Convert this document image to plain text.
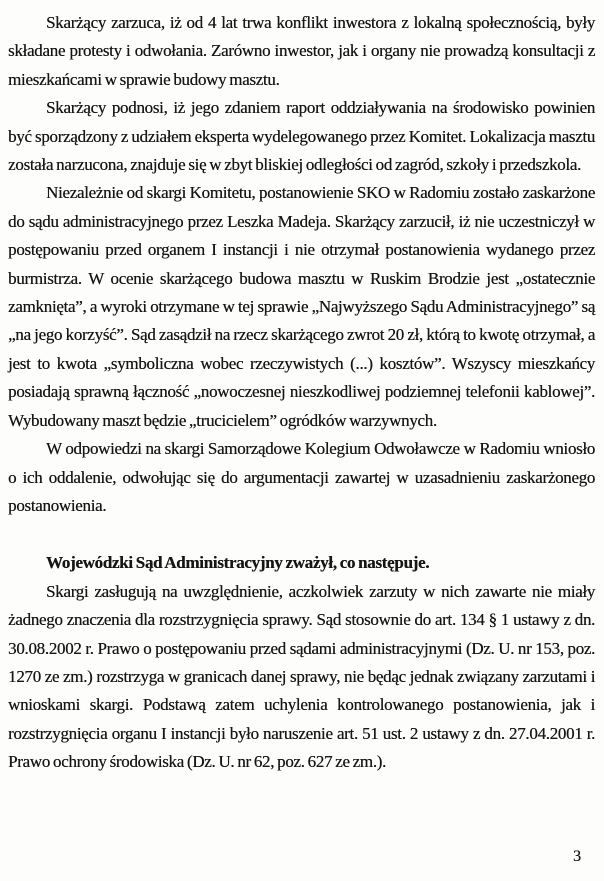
Skarżący zarzuca, iż od 4 lat trwa konflikt inwestora z lokalną społecznością, były składane protesty i odwołania. Zarówno inwestor, jak i organy nie prowadzą konsultacji z mieszkańcami w sprawie budowy masztu.

Skarżący podnosi, iż jego zdaniem raport oddziaływania na środowisko powinien być sporządzony z udziałem eksperta wydelegowanego przez Komitet. Lokalizacja masztu została narzucona, znajduje się w zbyt bliskiej odległości od zagród, szkoły i przedszkola.

Niezależnie od skargi Komitetu, postanowienie SKO w Radomiu zostało zaskarżone do sądu administracyjnego przez Leszka Madeja. Skarżący zarzucił, iż nie uczestniczył w postępowaniu przed organem I instancji i nie otrzymał postanowienia wydanego przez burmistrza. W ocenie skarżącego budowa masztu w Ruskim Brodzie jest „ostatecznie zamknięta”, a wyroki otrzymane w tej sprawie „Najwyższego Sądu Administracyjnego” są „na jego korzyść”. Sąd zasądził na rzecz skarżącego zwrot 20 zł, którą to kwotę otrzymał, a jest to kwota „symboliczna wobec rzeczywistych (...) kosztów”. Wszyscy mieszkańcy posiadają sprawną łączność „nowoczesnej nieszkodliwej podziemnej telefonii kablowej”. Wybudowany maszt będzie „trucicielem” ogródków warzywnych.

W odpowiedzi na skargi Samorządowe Kolegium Odwoławcze w Radomiu wniosło o ich oddalenie, odwołując się do argumentacji zawartej w uzasadnieniu zaskarżonego postanowienia.

Wojewódzki Sąd Administracyjny zważył, co następuje.

Skargi zasługują na uwzględnienie, aczkolwiek zarzuty w nich zawarte nie miały żadnego znaczenia dla rozstrzygnięcia sprawy. Sąd stosownie do art. 134 § 1 ustawy z dn. 30.08.2002 r. Prawo o postępowaniu przed sądami administracyjnymi (Dz. U. nr 153, poz. 1270 ze zm.) rozstrzyga w granicach danej sprawy, nie będąc jednak związany zarzutami i wnioskami skargi. Podstawą zatem uchylenia kontrolowanego postanowienia, jak i rozstrzygnięcia organu I instancji było naruszenie art. 51 ust. 2 ustawy z dn. 27.04.2001 r. Prawo ochrony środowiska (Dz. U. nr 62, poz. 627 ze zm.).

3
